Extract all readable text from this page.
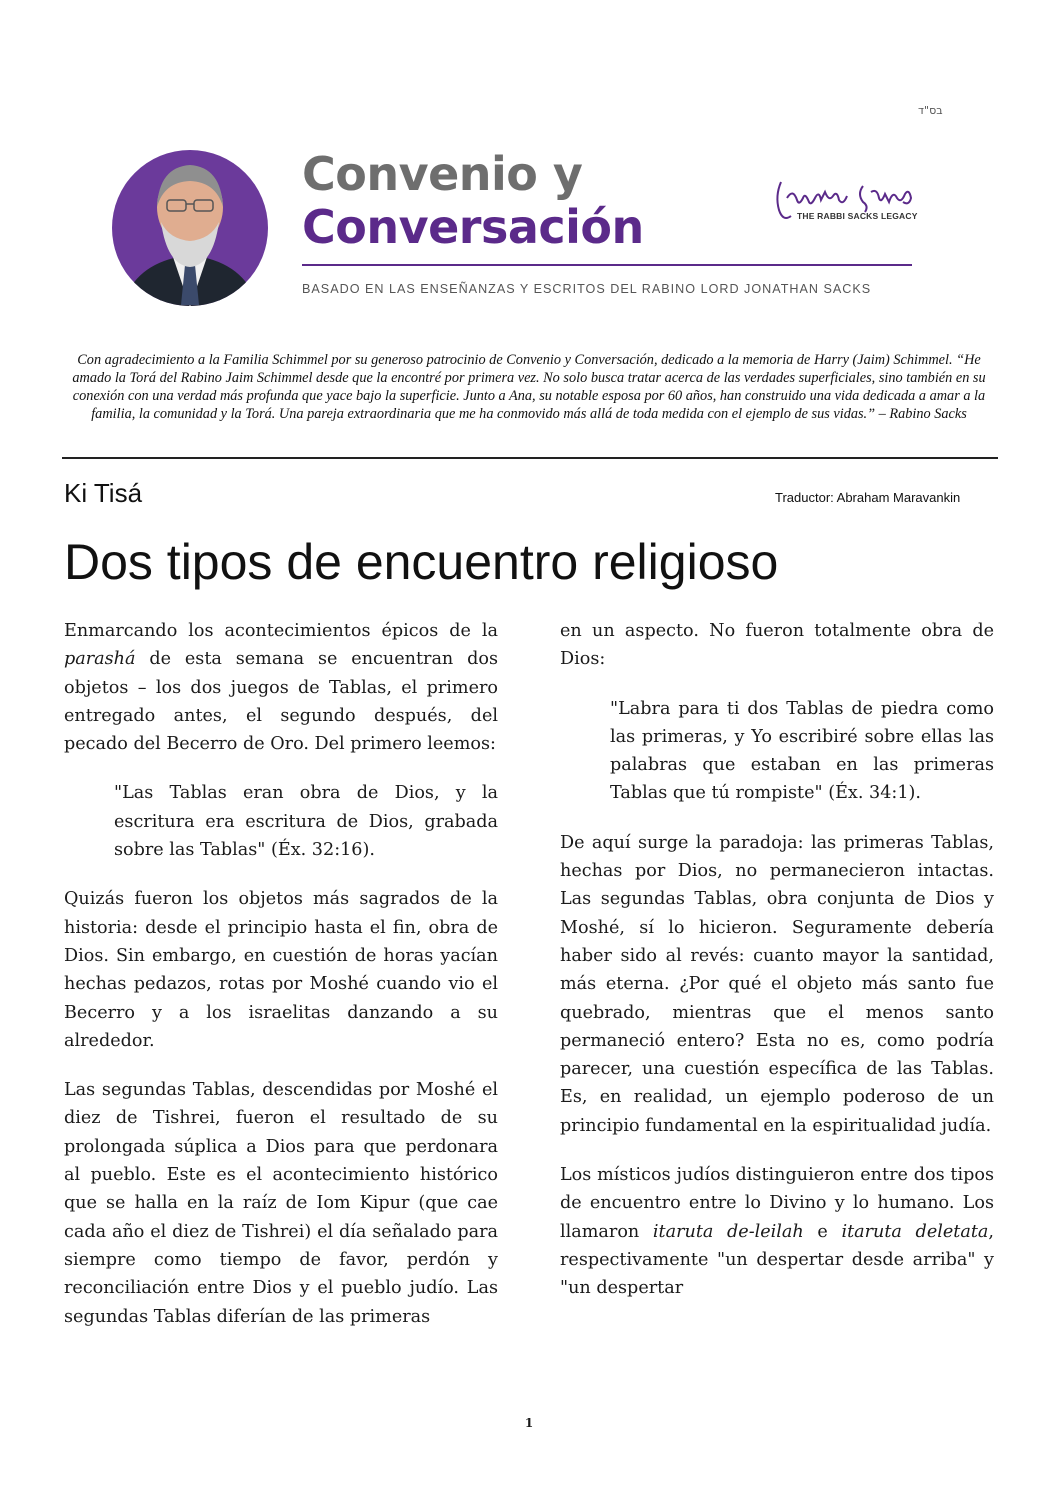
בס"ד
Convenio y
Conversación	THE RABBI SACKS LEGACY
BASADO EN LAS ENSEÑANZAS Y ESCRITOS DEL RABINO LORD JONATHAN SACKS
Con agradecimiento a la Familia Schimmel por su generoso patrocinio de Convenio y Conversación, dedicado a la memoria de Harry (Jaim) Schimmel. “He amado la Torá del Rabino Jaim Schimmel desde que la encontré por primera vez. No solo busca tratar acerca de las verdades superficiales, sino también en su conexión con una verdad más profunda que yace bajo la superficie. Junto a Ana, su notable esposa por 60 años, han construido una vida dedicada a amar a la familia, la comunidad y la Torá. Una pareja extraordinaria que me ha conmovido más allá de toda medida con el ejemplo de sus vidas.” – Rabino Sacks
Ki Tisá	Traductor: Abraham Maravankin
Dos tipos de encuentro religioso

Enmarcando los acontecimientos épicos de la parashá de esta semana se encuentran dos objetos – los dos juegos de Tablas, el primero entregado antes, el segundo después, del pecado del Becerro de Oro. Del primero leemos:

"Las Tablas eran obra de Dios, y la escritura era escritura de Dios, grabada sobre las Tablas" (Éx. 32:16).

Quizás fueron los objetos más sagrados de la historia: desde el principio hasta el fin, obra de Dios. Sin embargo, en cuestión de horas yacían hechas pedazos, rotas por Moshé cuando vio el Becerro y a los israelitas danzando a su alrededor.

Las segundas Tablas, descendidas por Moshé el diez de Tishrei, fueron el resultado de su prolongada súplica a Dios para que perdonara al pueblo. Este es el acontecimiento histórico que se halla en la raíz de Iom Kipur (que cae cada año el diez de Tishrei) el día señalado para siempre como tiempo de favor, perdón y reconciliación entre Dios y el pueblo judío. Las segundas Tablas diferían de las primeras

en un aspecto. No fueron totalmente obra de Dios:

"Labra para ti dos Tablas de piedra como las primeras, y Yo escribiré sobre ellas las palabras que estaban en las primeras Tablas que tú rompiste" (Éx. 34:1).

De aquí surge la paradoja: las primeras Tablas, hechas por Dios, no permanecieron intactas. Las segundas Tablas, obra conjunta de Dios y Moshé, sí lo hicieron. Seguramente debería haber sido al revés: cuanto mayor la santidad, más eterna. ¿Por qué el objeto más santo fue quebrado, mientras que el menos santo permaneció entero? Esta no es, como podría parecer, una cuestión específica de las Tablas. Es, en realidad, un ejemplo poderoso de un principio fundamental en la espiritualidad judía.

Los místicos judíos distinguieron entre dos tipos de encuentro entre lo Divino y lo humano. Los llamaron itaruta de-leilah e itaruta deletata, respectivamente "un despertar desde arriba" y "un despertar

1
